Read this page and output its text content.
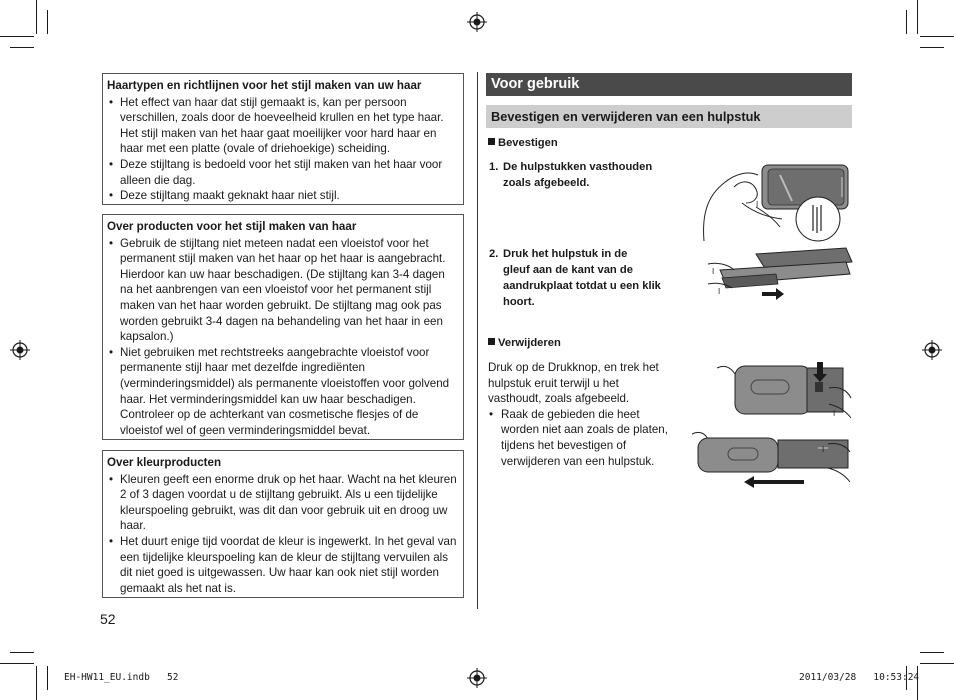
Haartypen en richtlijnen voor het stijl maken van uw haar
• Het effect van haar dat stijl gemaakt is, kan per persoon verschillen, zoals door de hoeveelheid krullen en het type haar. Het stijl maken van het haar gaat moeilijker voor hard haar en haar met een platte (ovale of driehoekige) scheiding.
• Deze stijltang is bedoeld voor het stijl maken van het haar voor alleen die dag.
• Deze stijltang maakt geknakt haar niet stijl.
Over producten voor het stijl maken van haar
• Gebruik de stijltang niet meteen nadat een vloeistof voor het permanent stijl maken van het haar op het haar is aangebracht. Hierdoor kan uw haar beschadigen. (De stijltang kan 3-4 dagen na het aanbrengen van een vloeistof voor het permanent stijl maken van het haar worden gebruikt. De stijltang mag ook pas worden gebruikt 3-4 dagen na behandeling van het haar in een kapsalon.)
• Niet gebruiken met rechtstreeks aangebrachte vloeistof voor permanente stijl haar met dezelfde ingrediënten (verminderingsmiddel) als permanente vloeistoffen voor golvend haar. Het verminderingsmiddel kan uw haar beschadigen. Controleer op de achterkant van cosmetische flesjes of de vloeistof wel of geen verminderingsmiddel bevat.
Over kleurproducten
• Kleuren geeft een enorme druk op het haar. Wacht na het kleuren 2 of 3 dagen voordat u de stijltang gebruikt. Als u een tijdelijke kleurspoeling gebruikt, was dit dan voor gebruik uit en droog uw haar.
• Het duurt enige tijd voordat de kleur is ingewerkt. In het geval van een tijdelijke kleurspoeling kan de kleur de stijltang vervuilen als dit niet goed is uitgewassen. Uw haar kan ook niet stijl worden gemaakt als het nat is.
52
Voor gebruik
Bevestigen en verwijderen van een hulpstuk
Bevestigen
1. De hulpstukken vasthouden
zoals afgebeeld.
2. Druk het hulpstuk in de
gleuf aan de kant van de aandrukplaat totdat u een klik hoort.
Verwijderen
Druk op de Drukknop, en trek het hulpstuk eruit terwijl u het vasthoudt, zoals afgebeeld.
• Raak de gebieden die heet worden niet aan zoals de platen, tijdens het bevestigen of verwijderen van een hulpstuk.
I
I
I
I
I
EH-HW11_EU.indb 52	2011/03/28 10:53:24
